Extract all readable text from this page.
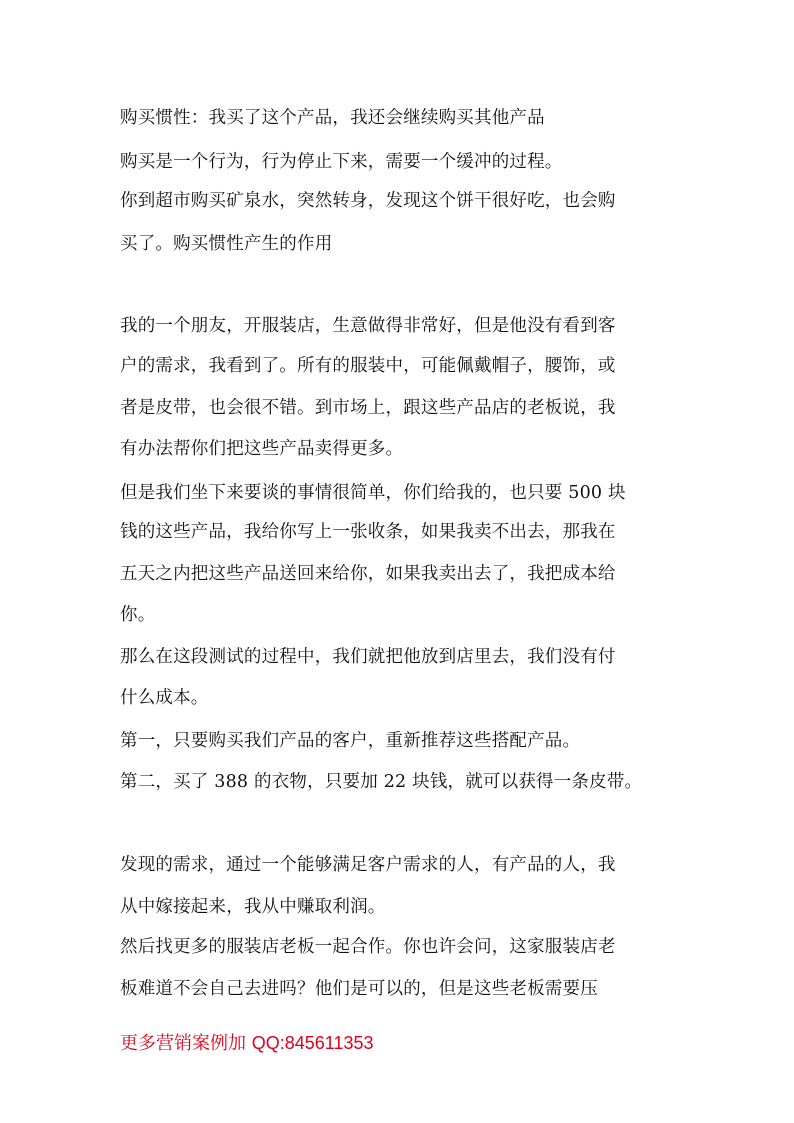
购买惯性：我买了这个产品，我还会继续购买其他产品
购买是一个行为，行为停止下来，需要一个缓冲的过程。
你到超市购买矿泉水，突然转身，发现这个饼干很好吃，也会购
买了。购买惯性产生的作用
我的一个朋友，开服装店，生意做得非常好，但是他没有看到客
户的需求，我看到了。所有的服装中，可能佩戴帽子，腰饰，或
者是皮带，也会很不错。到市场上，跟这些产品店的老板说，我
有办法帮你们把这些产品卖得更多。
但是我们坐下来要谈的事情很简单，你们给我的，也只要 500 块
钱的这些产品，我给你写上一张收条，如果我卖不出去，那我在
五天之内把这些产品送回来给你，如果我卖出去了，我把成本给
你。
那么在这段测试的过程中，我们就把他放到店里去，我们没有付
什么成本。
第一，只要购买我们产品的客户，重新推荐这些搭配产品。
第二，买了 388 的衣物，只要加 22 块钱，就可以获得一条皮带。
发现的需求，通过一个能够满足客户需求的人，有产品的人，我
从中嫁接起来，我从中赚取利润。
然后找更多的服装店老板一起合作。你也许会问，这家服装店老
板难道不会自己去进吗？他们是可以的，但是这些老板需要压
更多营销案例加 QQ:845611353
